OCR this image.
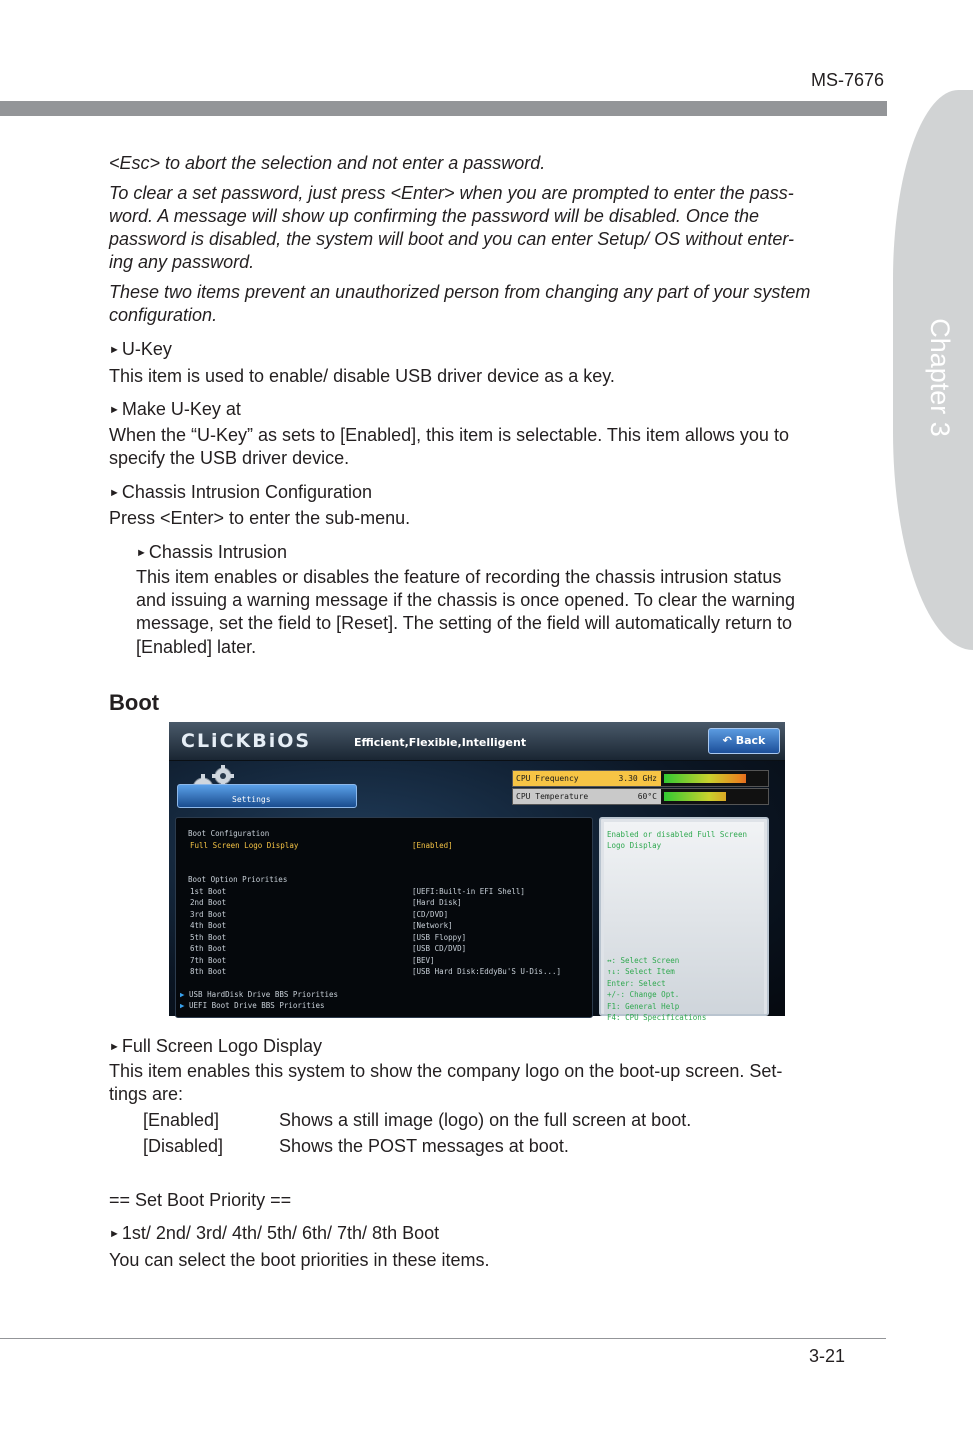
MS-7676
Chapter 3
<Esc> to abort the selection and not enter a password.
To clear a set password, just press <Enter> when you are prompted to enter the pass-
word. A message will show up confirming the password will be disabled. Once the
password is disabled, the system will boot and you can enter Setup/ OS without enter-
ing any password.
These two items prevent an unauthorized person from changing any part of your system
configuration.
► U-Key
This item is used to enable/ disable USB driver device as a key.
► Make U-Key at
When the “U-Key” as sets to [Enabled], this item is selectable. This item allows you to
specify the USB driver device.
► Chassis Intrusion Configuration
Press <Enter> to enter the sub-menu.
► Chassis Intrusion
This item enables or disables the feature of recording the chassis intrusion status
and issuing a warning message if the chassis is once opened. To clear the warning
message, set the field to [Reset]. The setting of the field will automatically return to
[Enabled] later.
Boot
CLiCKBiOS	Efficient,Flexible,Intelligent	↶ Back
Settings
CPU Frequency	3.30 GHz
CPU Temperature	60°C
Boot Configuration
Full Screen Logo Display	[Enabled]
Boot Option Priorities
1st Boot	[UEFI:Built-in EFI Shell]
2nd Boot	[Hard Disk]
3rd Boot	[CD/DVD]
4th Boot	[Network]
5th Boot	[USB Floppy]
6th Boot	[USB CD/DVD]
7th Boot	[BEV]
8th Boot	[USB Hard Disk:EddyBu'S U-Dis...]
▶ USB HardDisk Drive BBS Priorities
▶ UEFI Boot Drive BBS Priorities
Enabled or disabled Full Screen
Logo Display
↔: Select Screen
↑↓: Select Item
Enter: Select
+/-: Change Opt.
F1: General Help
F4: CPU Specifications
► Full Screen Logo Display
This item enables this system to show the company logo on the boot-up screen. Set-
tings are:
[Enabled]	Shows a still image (logo) on the full screen at boot.
[Disabled]	Shows the POST messages at boot.
== Set Boot Priority ==
► 1st/ 2nd/ 3rd/ 4th/ 5th/ 6th/ 7th/ 8th Boot
You can select the boot priorities in these items.
3-21
